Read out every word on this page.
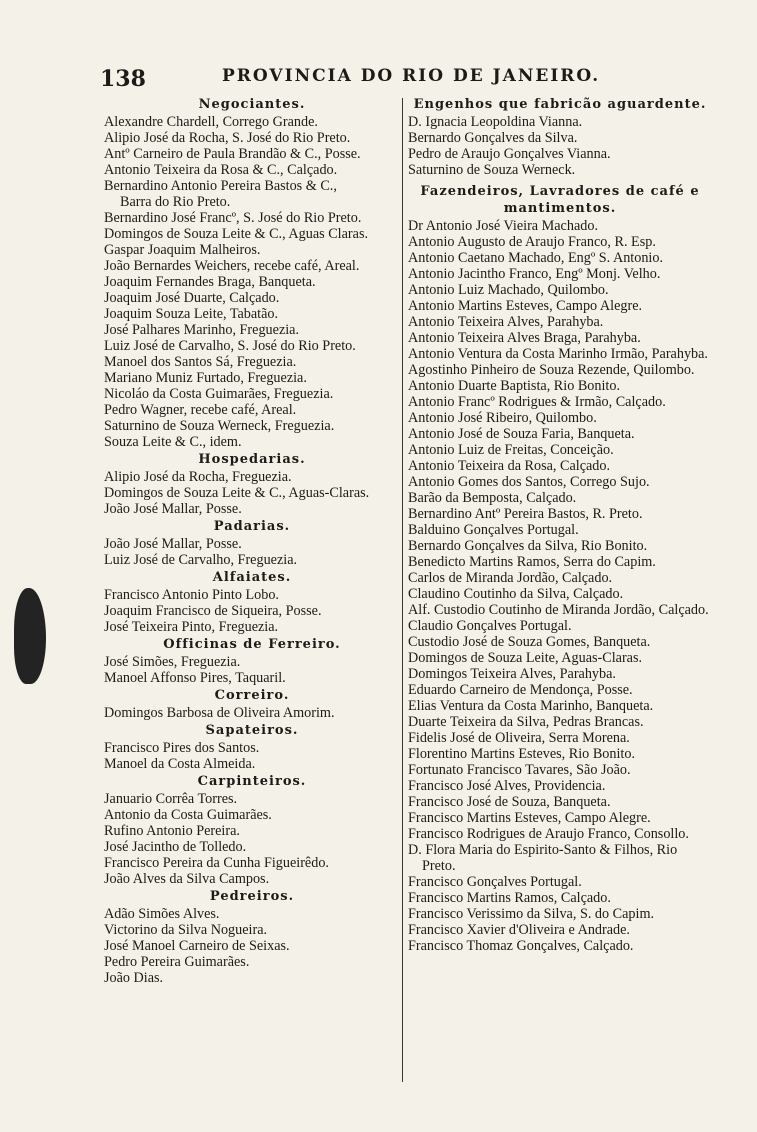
138	PROVINCIA DO RIO DE JANEIRO.
Negociantes.
Alexandre Chardell, Corrego Grande.
Alipio José da Rocha, S. José do Rio Preto.
Antº Carneiro de Paula Brandão & C., Posse.
Antonio Teixeira da Rosa & C., Calçado.
Bernardino Antonio Pereira Bastos & C.,
Barra do Rio Preto.
Bernardino José Francº, S. José do Rio Preto.
Domingos de Souza Leite & C., Aguas Claras.
Gaspar Joaquim Malheiros.
João Bernardes Weichers, recebe café, Areal.
Joaquim Fernandes Braga, Banqueta.
Joaquim José Duarte, Calçado.
Joaquim Souza Leite, Tabatão.
José Palhares Marinho, Freguezia.
Luiz José de Carvalho, S. José do Rio Preto.
Manoel dos Santos Sá, Freguezia.
Mariano Muniz Furtado, Freguezia.
Nicoláo da Costa Guimarães, Freguezia.
Pedro Wagner, recebe café, Areal.
Saturnino de Souza Werneck, Freguezia.
Souza Leite & C., idem.
Hospedarias.
Alipio José da Rocha, Freguezia.
Domingos de Souza Leite & C., Aguas-Claras.
João José Mallar, Posse.
Padarias.
João José Mallar, Posse.
Luiz José de Carvalho, Freguezia.
Alfaiates.
Francisco Antonio Pinto Lobo.
Joaquim Francisco de Siqueira, Posse.
José Teixeira Pinto, Freguezia.
Officinas de Ferreiro.
José Simões, Freguezia.
Manoel Affonso Pires, Taquaril.
Correiro.
Domingos Barbosa de Oliveira Amorim.
Sapateiros.
Francisco Pires dos Santos.
Manoel da Costa Almeida.
Carpinteiros.
Januario Corrêa Torres.
Antonio da Costa Guimarães.
Rufino Antonio Pereira.
José Jacintho de Tolledo.
Francisco Pereira da Cunha Figueirêdo.
João Alves da Silva Campos.
Pedreiros.
Adão Simões Alves.
Victorino da Silva Nogueira.
José Manoel Carneiro de Seixas.
Pedro Pereira Guimarães.
João Dias.
Engenhos que fabricão aguardente.
D. Ignacia Leopoldina Vianna.
Bernardo Gonçalves da Silva.
Pedro de Araujo Gonçalves Vianna.
Saturnino de Souza Werneck.
Fazendeiros, Lavradores de café e
mantimentos.
Dr Antonio José Vieira Machado.
Antonio Augusto de Araujo Franco, R. Esp.
Antonio Caetano Machado, Engº S. Antonio.
Antonio Jacintho Franco, Engº Monj. Velho.
Antonio Luiz Machado, Quilombo.
Antonio Martins Esteves, Campo Alegre.
Antonio Teixeira Alves, Parahyba.
Antonio Teixeira Alves Braga, Parahyba.
Antonio Ventura da Costa Marinho Irmão, Parahyba.
Agostinho Pinheiro de Souza Rezende, Quilombo.
Antonio Duarte Baptista, Rio Bonito.
Antonio Francº Rodrigues & Irmão, Calçado.
Antonio José Ribeiro, Quilombo.
Antonio José de Souza Faria, Banqueta.
Antonio Luiz de Freitas, Conceição.
Antonio Teixeira da Rosa, Calçado.
Antonio Gomes dos Santos, Corrego Sujo.
Barão da Bemposta, Calçado.
Bernardino Antº Pereira Bastos, R. Preto.
Balduino Gonçalves Portugal.
Bernardo Gonçalves da Silva, Rio Bonito.
Benedicto Martins Ramos, Serra do Capim.
Carlos de Miranda Jordão, Calçado.
Claudino Coutinho da Silva, Calçado.
Alf. Custodio Coutinho de Miranda Jordão, Calçado.
Claudio Gonçalves Portugal.
Custodio José de Souza Gomes, Banqueta.
Domingos de Souza Leite, Aguas-Claras.
Domingos Teixeira Alves, Parahyba.
Eduardo Carneiro de Mendonça, Posse.
Elias Ventura da Costa Marinho, Banqueta.
Duarte Teixeira da Silva, Pedras Brancas.
Fidelis José de Oliveira, Serra Morena.
Florentino Martins Esteves, Rio Bonito.
Fortunato Francisco Tavares, São João.
Francisco José Alves, Providencia.
Francisco José de Souza, Banqueta.
Francisco Martins Esteves, Campo Alegre.
Francisco Rodrigues de Araujo Franco, Consollo.
D. Flora Maria do Espirito-Santo & Filhos, Rio Preto.
Francisco Gonçalves Portugal.
Francisco Martins Ramos, Calçado.
Francisco Verissimo da Silva, S. do Capim.
Francisco Xavier d'Oliveira e Andrade.
Francisco Thomaz Gonçalves, Calçado.
